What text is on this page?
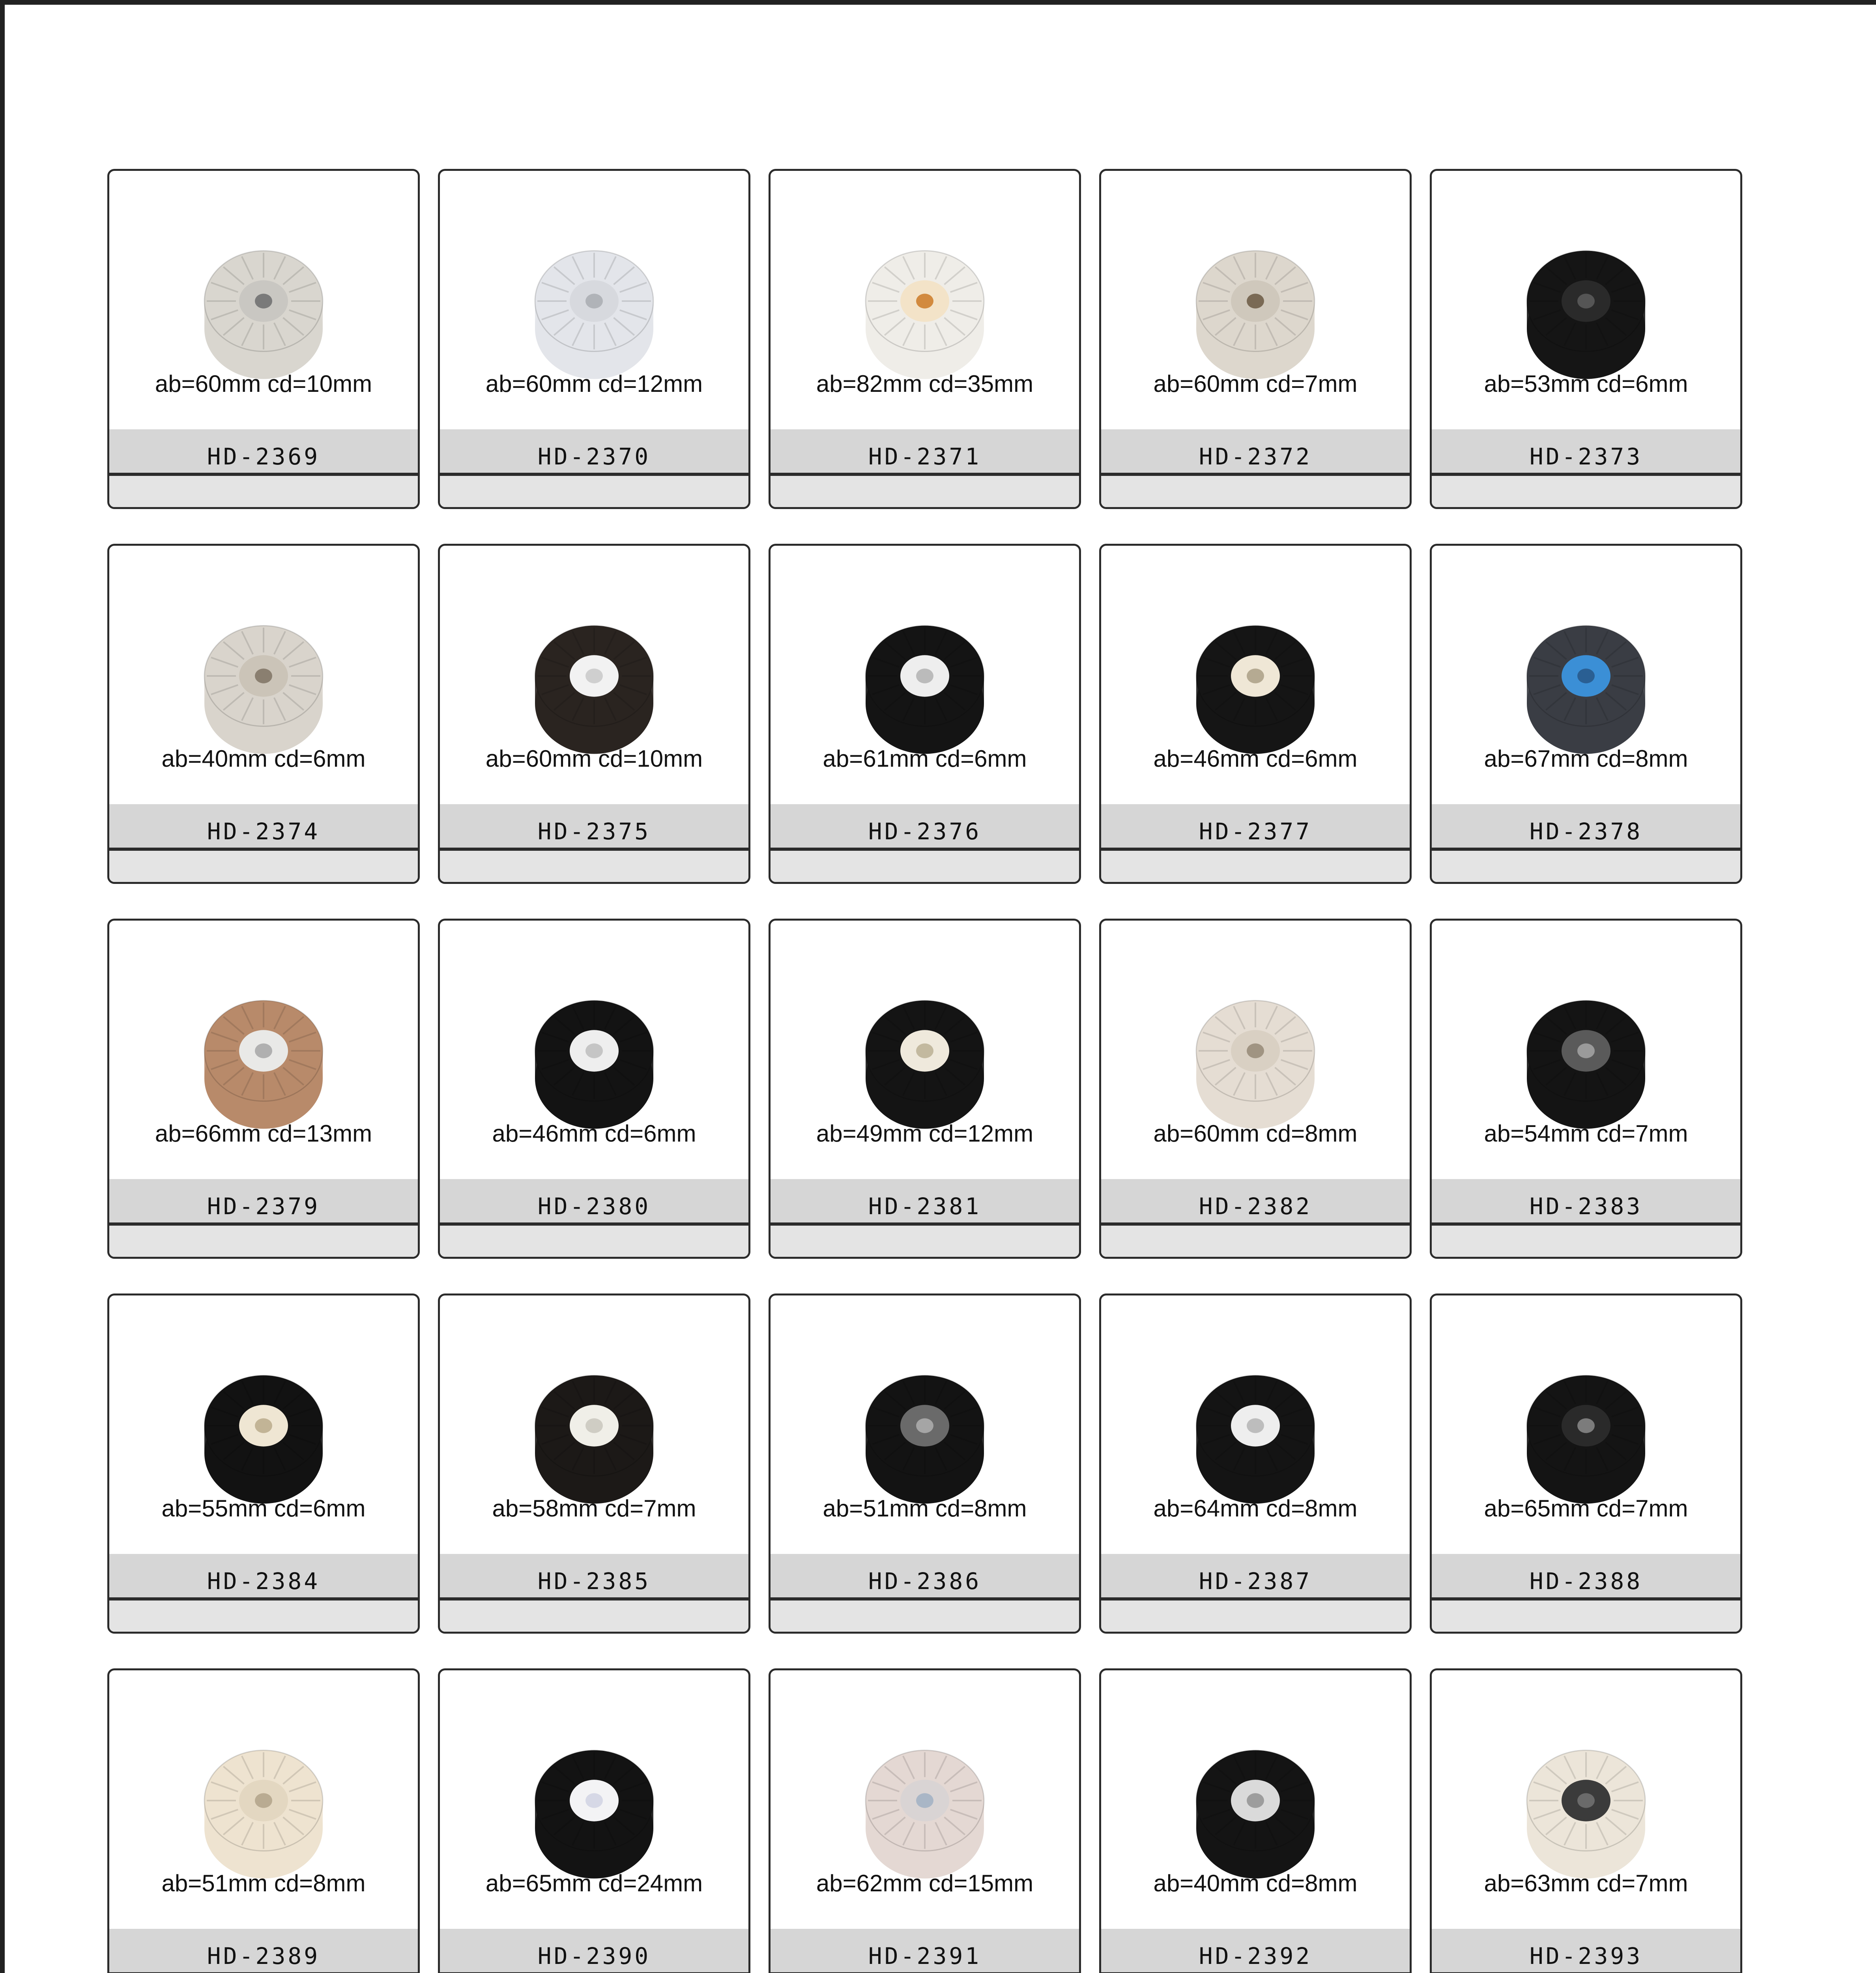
ab=60mm cd=10mm
HD-2369
ab=60mm cd=12mm
HD-2370
ab=82mm cd=35mm
HD-2371
ab=60mm cd=7mm
HD-2372
ab=53mm cd=6mm
HD-2373
ab=40mm cd=6mm
HD-2374
ab=60mm cd=10mm
HD-2375
ab=61mm cd=6mm
HD-2376
ab=46mm cd=6mm
HD-2377
ab=67mm cd=8mm
HD-2378
ab=66mm cd=13mm
HD-2379
ab=46mm cd=6mm
HD-2380
ab=49mm cd=12mm
HD-2381
ab=60mm cd=8mm
HD-2382
ab=54mm cd=7mm
HD-2383
ab=55mm cd=6mm
HD-2384
ab=58mm cd=7mm
HD-2385
ab=51mm cd=8mm
HD-2386
ab=64mm cd=8mm
HD-2387
ab=65mm cd=7mm
HD-2388
ab=51mm cd=8mm
HD-2389
ab=65mm cd=24mm
HD-2390
ab=62mm cd=15mm
HD-2391
ab=40mm cd=8mm
HD-2392
ab=63mm cd=7mm
HD-2393
